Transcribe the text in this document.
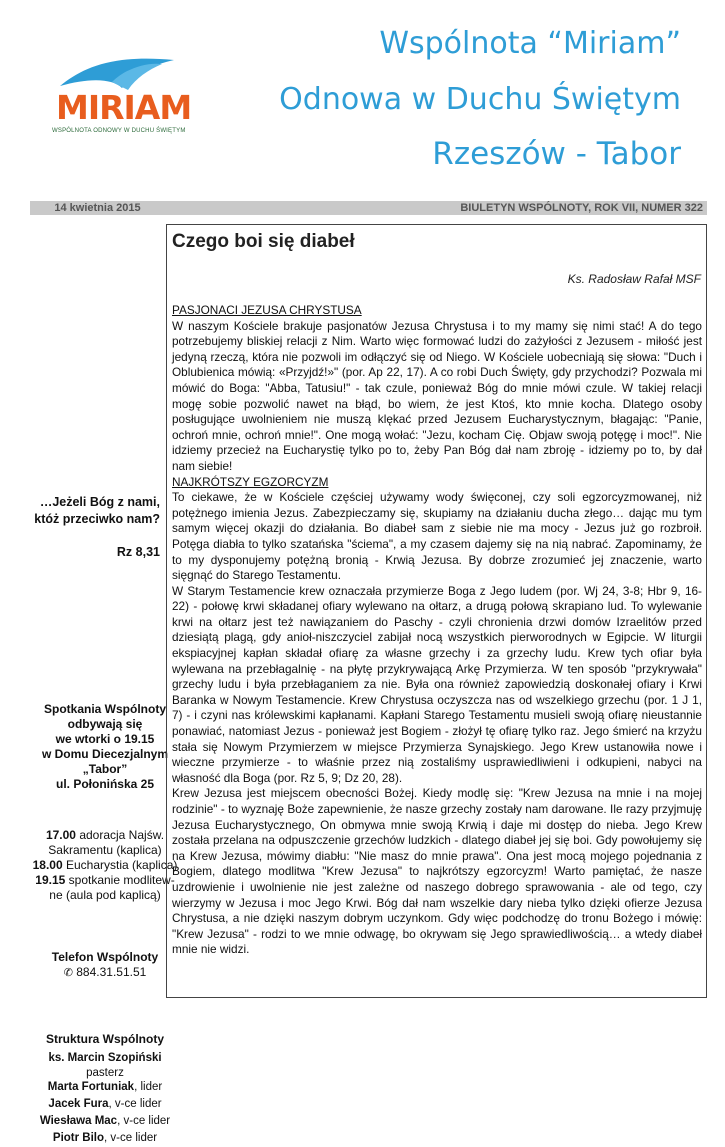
MIRIAM
WSPÓLNOTA ODNOWY W DUCHU ŚWIĘTYM
Wspólnota “Miriam”
Odnowa w Duchu Świętym
Rzeszów - Tabor
14 kwietnia 2015	BIULETYN WSPÓLNOTY, ROK VII, NUMER 322
…Jeżeli Bóg z nami,
któż przeciwko nam?
Rz 8,31
Spotkania Wspólnoty
odbywają się
we wtorki o 19.15
w Domu Diecezjalnym
„Tabor”
ul. Połonińska 25
17.00 adoracja Najśw.
Sakramentu (kaplica)
18.00 Eucharystia (kaplica)
19.15 spotkanie modlitew-
ne (aula pod kaplicą)
Telefon Wspólnoty
✆ 884.31.51.51
Struktura Wspólnoty
ks. Marcin Szopiński
pasterz
Marta Fortuniak, lider
Jacek Fura, v-ce lider
Wiesława Mac, v-ce lider
Piotr Bilo, v-ce lider
Czego boi się diabeł
Ks. Radosław Rafał MSF

PASJONACI JEZUSA CHRYSTUSA

W naszym Kościele brakuje pasjonatów Jezusa Chrystusa i to my mamy się nimi stać! A do tego potrzebujemy bliskiej relacji z Nim. Warto więc formować ludzi do zażyłości z Jezusem - miłość jest jedyną rzeczą, która nie pozwoli im odłączyć się od Niego. W Kościele uobecniają się słowa: "Duch i Oblubienica mówią: «Przyjdź!»" (por. Ap 22, 17). A co robi Duch Święty, gdy przychodzi? Pozwala mi mówić do Boga: "Abba, Tatusiu!" - tak czule, ponieważ Bóg do mnie mówi czule. W takiej relacji mogę sobie pozwolić nawet na błąd, bo wiem, że jest Ktoś, kto mnie kocha. Dlatego osoby posługujące uwolnieniem nie muszą klękać przed Jezusem Eucharystycznym, błagając: "Panie, ochroń mnie, ochroń mnie!". One mogą wołać: "Jezu, kocham Cię. Objaw swoją potęgę i moc!". Nie idziemy przecież na Eucharystię tylko po to, żeby Pan Bóg dał nam zbroję - idziemy po to, by dał nam siebie!

NAJKRÓTSZY EGZORCYZM

To ciekawe, że w Kościele częściej używamy wody święconej, czy soli egzorcyzmowanej, niż potężnego imienia Jezus. Zabezpieczamy się, skupiamy na działaniu ducha złego… dając mu tym samym więcej okazji do działania. Bo diabeł sam z siebie nie ma mocy - Jezus już go rozbroił. Potęga diabła to tylko szatańska "ściema", a my czasem dajemy się na nią nabrać. Zapominamy, że to my dysponujemy potężną bronią - Krwią Jezusa. By dobrze zrozumieć jej znaczenie, warto sięgnąć do Starego Testamentu.

W Starym Testamencie krew oznaczała przymierze Boga z Jego ludem (por. Wj 24, 3-8; Hbr 9, 16-22) - połowę krwi składanej ofiary wylewano na ołtarz, a drugą połową skrapiano lud. To wylewanie krwi na ołtarz jest też nawiązaniem do Paschy - czyli chronienia drzwi domów Izraelitów przed dziesiątą plagą, gdy anioł-niszczyciel zabijał nocą wszystkich pierworodnych w Egipcie. W liturgii ekspiacyjnej kapłan składał ofiarę za własne grzechy i za grzechy ludu. Krew tych ofiar była wylewana na przebłagalnię - na płytę przykrywającą Arkę Przymierza. W ten sposób "przykrywała" grzechy ludu i była przebłaganiem za nie. Była ona również zapowiedzią doskonałej ofiary i Krwi Baranka w Nowym Testamencie. Krew Chrystusa oczyszcza nas od wszelkiego grzechu (por. 1 J 1, 7) - i czyni nas królewskimi kapłanami. Kapłani Starego Testamentu musieli swoją ofiarę nieustannie ponawiać, natomiast Jezus - ponieważ jest Bogiem - złożył tę ofiarę tylko raz. Jego śmierć na krzyżu stała się Nowym Przymierzem w miejsce Przymierza Synajskiego. Jego Krew ustanowiła nowe i wieczne przymierze - to właśnie przez nią zostaliśmy usprawiedliwieni i odkupieni, nabyci na własność dla Boga (por. Rz 5, 9; Dz 20, 28).

Krew Jezusa jest miejscem obecności Bożej. Kiedy modlę się: "Krew Jezusa na mnie i na mojej rodzinie" - to wyznaję Boże zapewnienie, że nasze grzechy zostały nam darowane. Ile razy przyjmuję Jezusa Eucharystycznego, On obmywa mnie swoją Krwią i daje mi dostęp do nieba. Jego Krew została przelana na odpuszczenie grzechów ludzkich - dlatego diabeł jej się boi. Gdy powołujemy się na Krew Jezusa, mówimy diabłu: "Nie masz do mnie prawa". Ona jest mocą mojego pojednania z Bogiem, dlatego modlitwa "Krew Jezusa" to najkrótszy egzorcyzm! Warto pamiętać, że nasze uzdrowienie i uwolnienie nie jest zależne od naszego dobrego sprawowania - ale od tego, czy wierzymy w Jezusa i moc Jego Krwi. Bóg dał nam wszelkie dary nieba tylko dzięki ofierze Jezusa Chrystusa, a nie dzięki naszym dobrym uczynkom. Gdy więc podchodzę do tronu Bożego i mówię: "Krew Jezusa" - rodzi to we mnie odwagę, bo okrywam się Jego sprawiedliwością… a wtedy diabeł mnie nie widzi.
